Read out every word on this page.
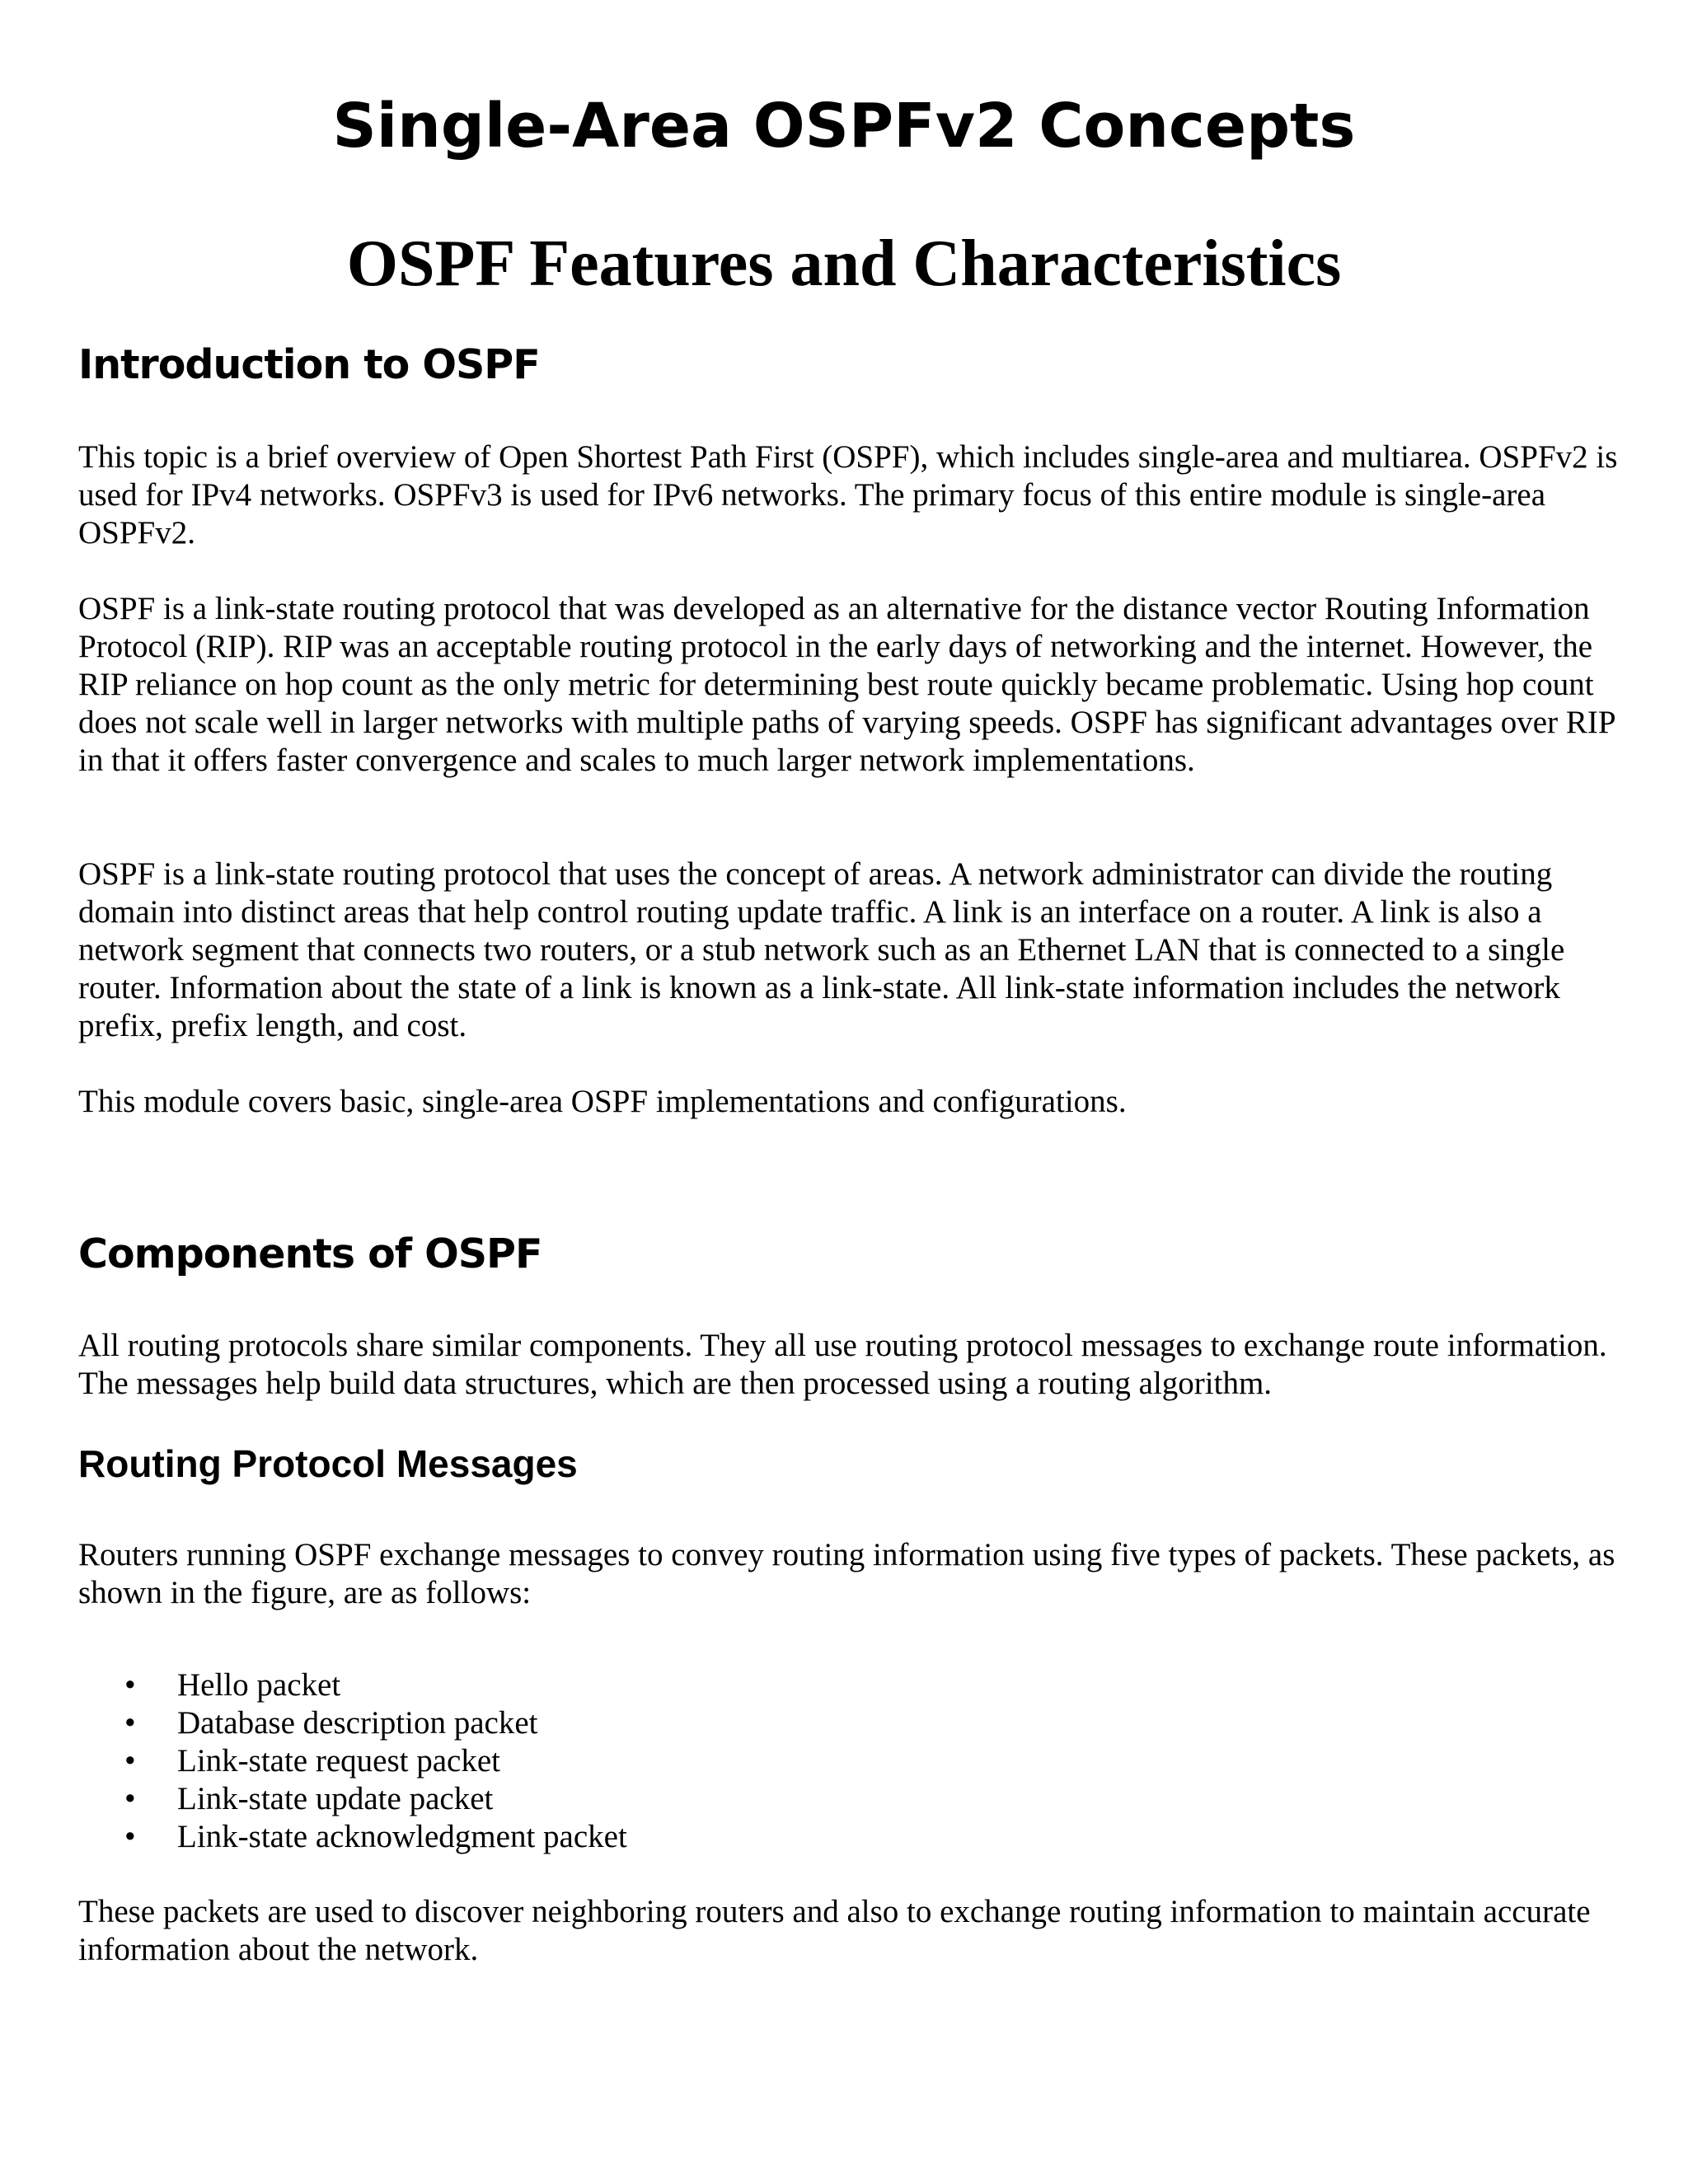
Single-Area OSPFv2 Concepts
OSPF Features and Characteristics
Introduction to OSPF

This topic is a brief overview of Open Shortest Path First (OSPF), which includes single-area and multiarea. OSPFv2 is used for IPv4 networks. OSPFv3 is used for IPv6 networks. The primary focus of this entire module is single-area OSPFv2.

OSPF is a link-state routing protocol that was developed as an alternative for the distance vector Routing Information Protocol (RIP). RIP was an acceptable routing protocol in the early days of networking and the internet. However, the RIP reliance on hop count as the only metric for determining best route quickly became problematic. Using hop count does not scale well in larger networks with multiple paths of varying speeds. OSPF has significant advantages over RIP in that it offers faster convergence and scales to much larger network implementations.

OSPF is a link-state routing protocol that uses the concept of areas. A network administrator can divide the routing domain into distinct areas that help control routing update traffic. A link is an interface on a router. A link is also a network segment that connects two routers, or a stub network such as an Ethernet LAN that is connected to a single router. Information about the state of a link is known as a link-state. All link-state information includes the network prefix, prefix length, and cost.

This module covers basic, single-area OSPF implementations and configurations.

Components of OSPF

All routing protocols share similar components. They all use routing protocol messages to exchange route information. The messages help build data structures, which are then processed using a routing algorithm.

Routing Protocol Messages

Routers running OSPF exchange messages to convey routing information using five types of packets. These packets, as shown in the figure, are as follows:

• Hello packet
• Database description packet
• Link-state request packet
• Link-state update packet
• Link-state acknowledgment packet

These packets are used to discover neighboring routers and also to exchange routing information to maintain accurate information about the network.
